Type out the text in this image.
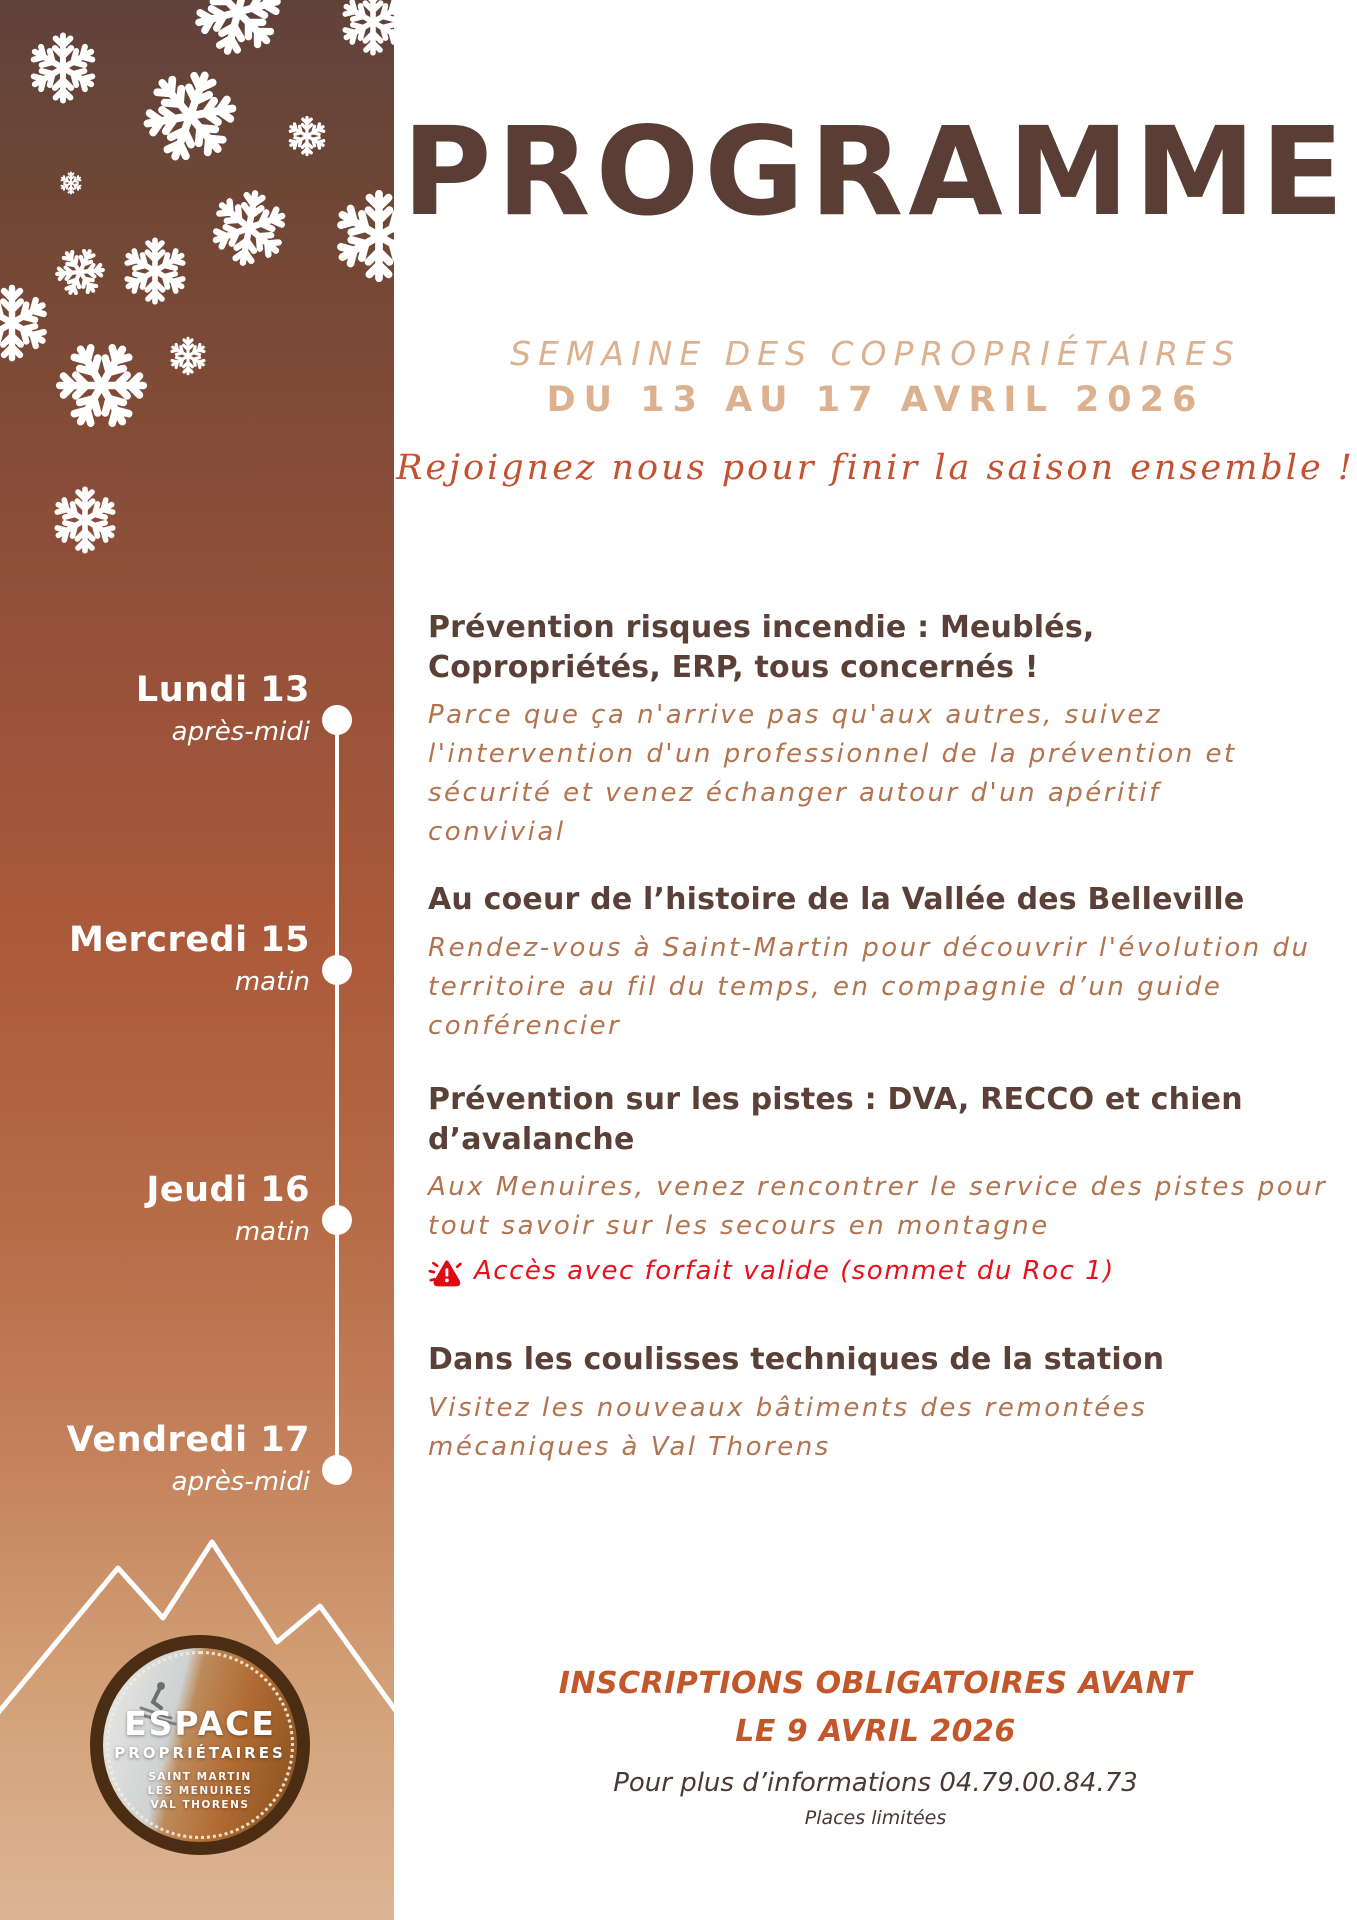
Lundi 13
après-midi
Mercredi 15
matin
Jeudi 16
matin
Vendredi 17
après-midi
ESPACE
PROPRIÉTAIRES
SAINT MARTIN
LES MENUIRES
VAL THORENS
PROGRAMME
SEMAINE DES COPROPRIÉTAIRES
DU 13 AU 17 AVRIL 2026
Rejoignez nous pour finir la saison ensemble !
Prévention risques incendie : Meublés, Copropriétés, ERP, tous concernés !
Parce que ça n'arrive pas qu'aux autres, suivez l'intervention d'un professionnel de la prévention et sécurité et venez échanger autour d'un apéritif convivial
Au coeur de l’histoire de la Vallée des Belleville
Rendez-vous à Saint-Martin pour découvrir l'évolution du territoire au fil du temps, en compagnie d’un guide conférencier
Prévention sur les pistes : DVA, RECCO et chien d’avalanche
Aux Menuires, venez rencontrer le service des pistes pour tout savoir sur les secours en montagne
Accès avec forfait valide (sommet du Roc 1)
Dans les coulisses techniques de la station
Visitez les nouveaux bâtiments des remontées mécaniques à Val Thorens
INSCRIPTIONS OBLIGATOIRES AVANT
LE 9 AVRIL 2026
Pour plus d’informations 04.79.00.84.73
Places limitées
